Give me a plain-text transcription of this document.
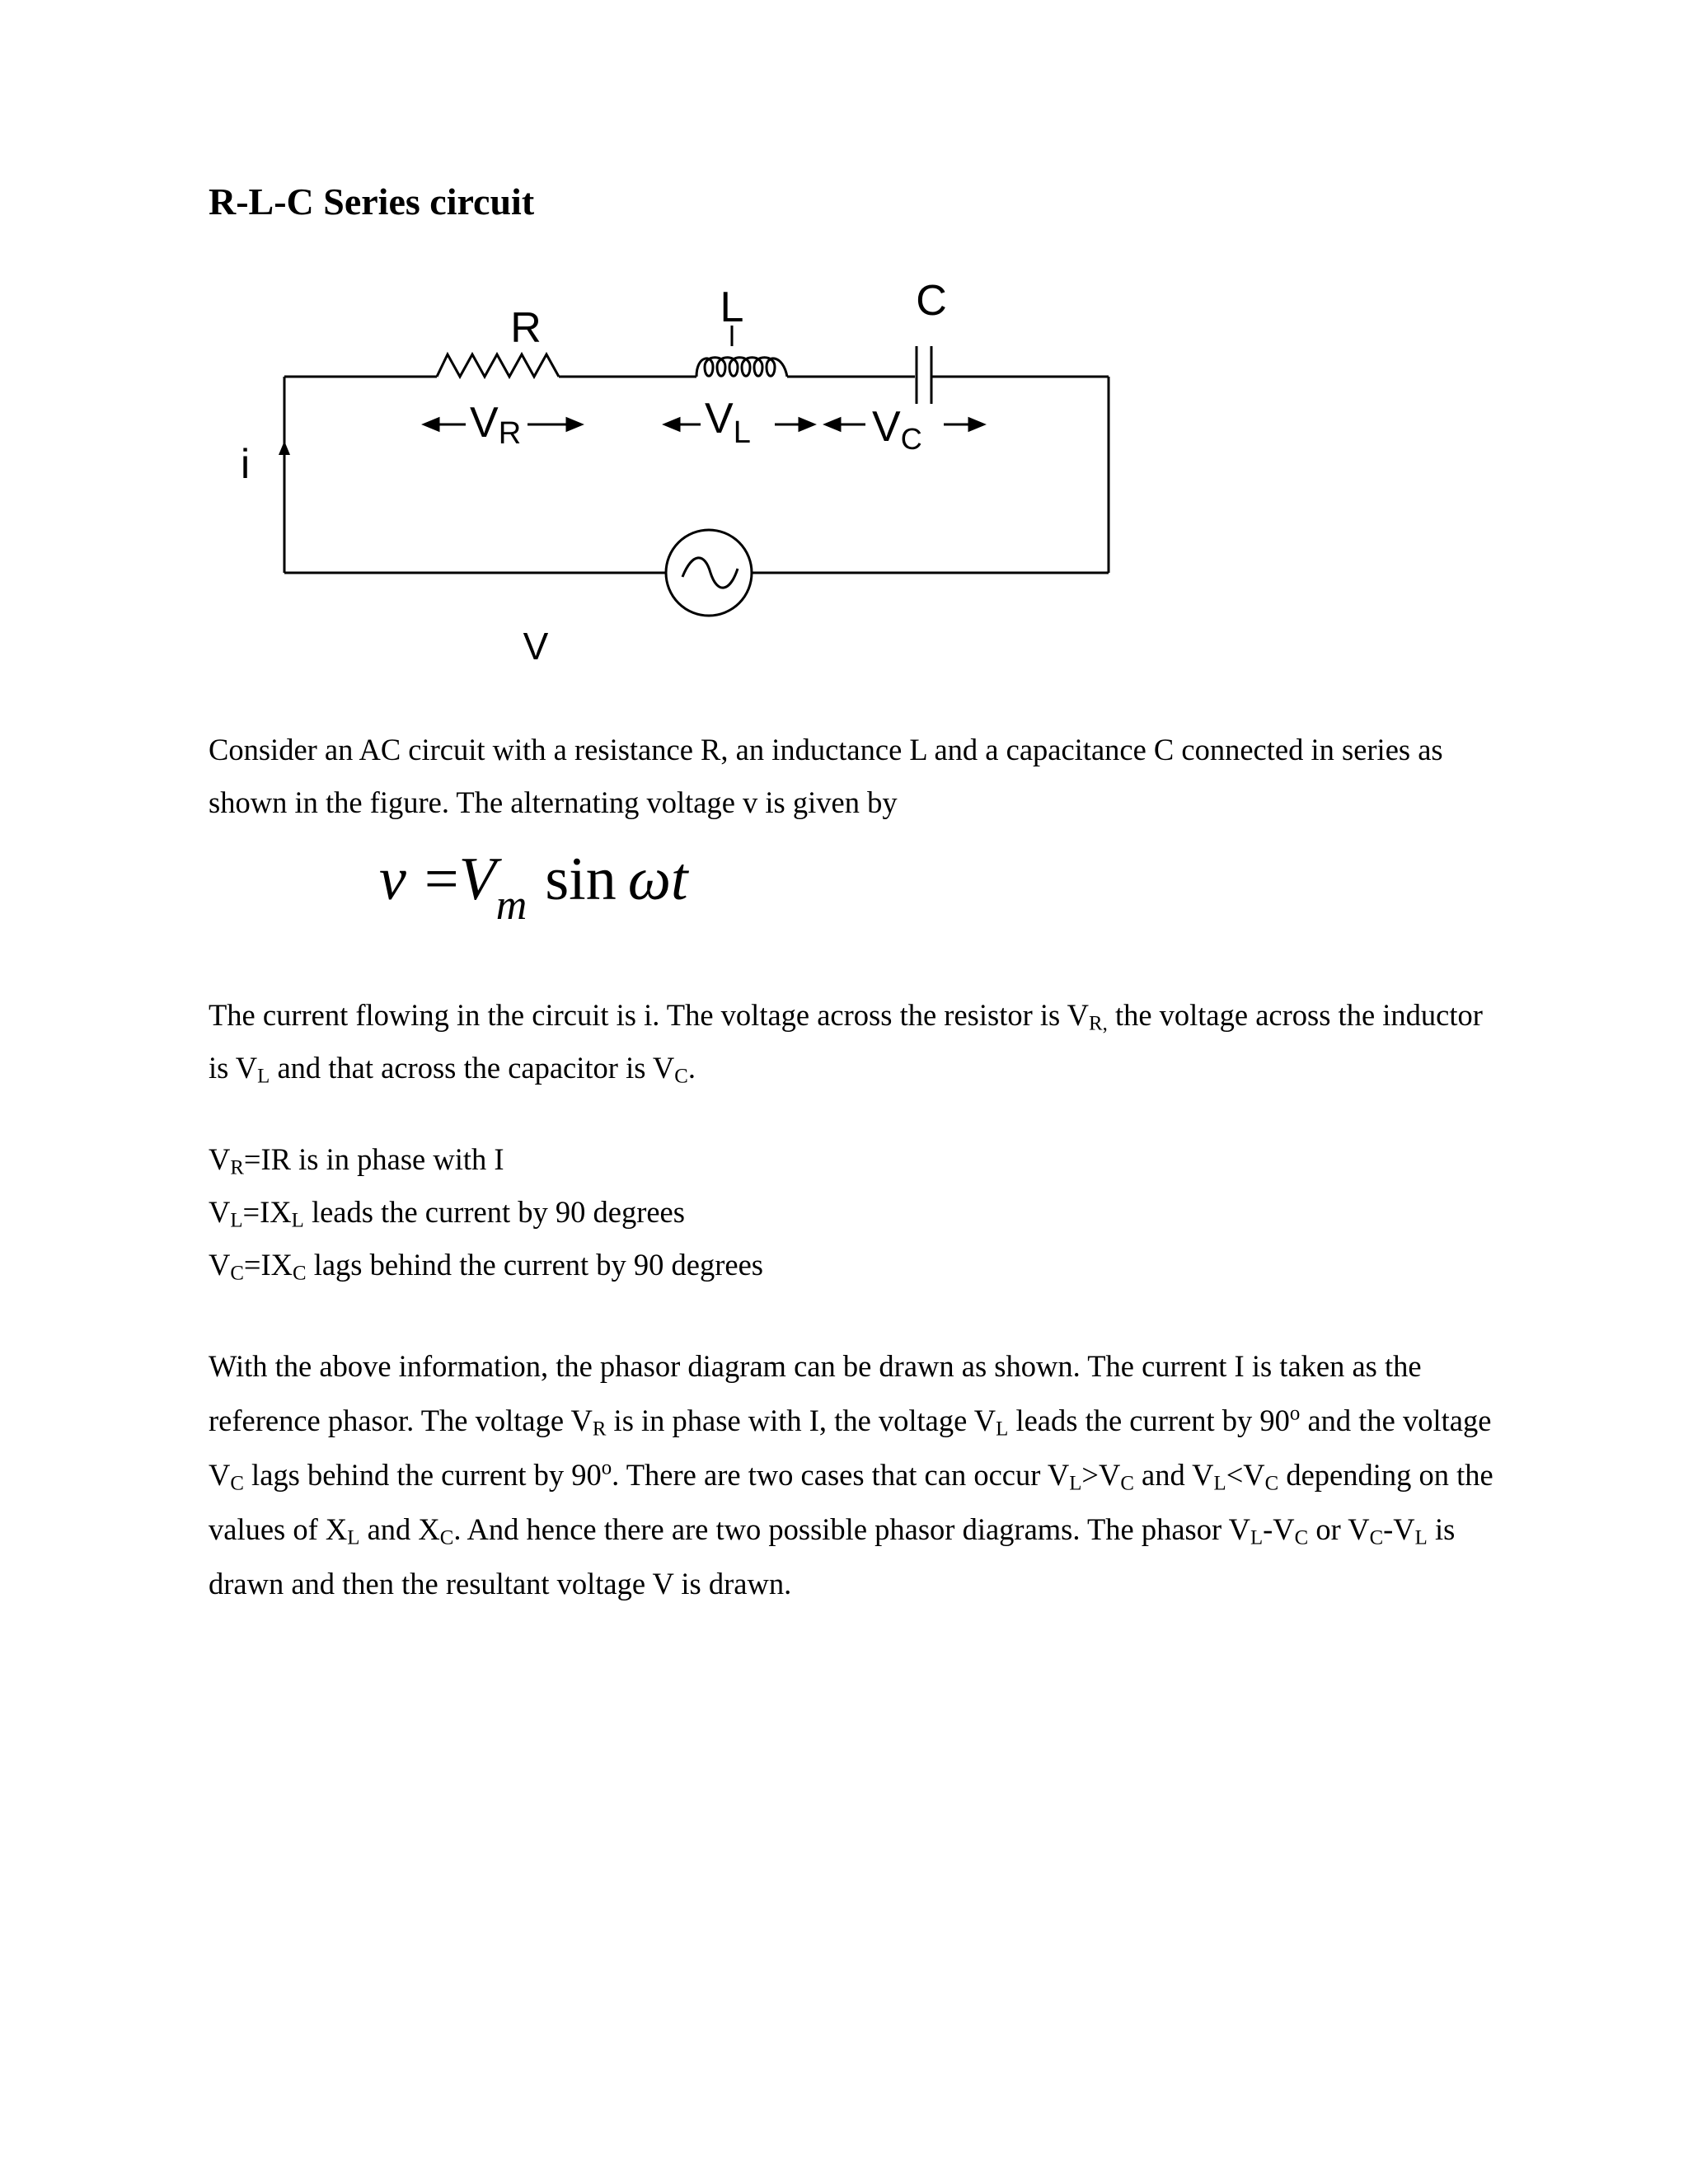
R-L-C Series circuit
R	L	C
VR	$V_L$	VC
i
V

Consider an AC circuit with a resistance R, an inductance L and a capacitance C connected in series as shown in the figure. The alternating voltage v is given by

$v =V_m$ sin ωt

The current flowing in the circuit is i. The voltage across the resistor is $V_{R,}$ the voltage across the inductor is $V_L$ and that across the capacitor is $V_C$.

$V_R=IR$ is in phase with I
$V_L=IX_L$ leads the current by 90 degrees
$V_C=IX_C$ lags behind the current by 90 degrees

With the above information, the phasor diagram can be drawn as shown. The current I is taken as the reference phasor. The voltage $V_R$ is in phase with I, the voltage $V_L$ leads the current by 90$^o$ and the voltage $V_C$ lags behind the current by 90$^o$. There are two cases that can occur $V_L>V_C$ and $V_L<V_C$ depending on the values of $X_L$ and $X_C$. And hence there are two possible phasor diagrams. The phasor $V_L-V_C$ or $V_C-V_L$ is drawn and then the resultant voltage V is drawn.
